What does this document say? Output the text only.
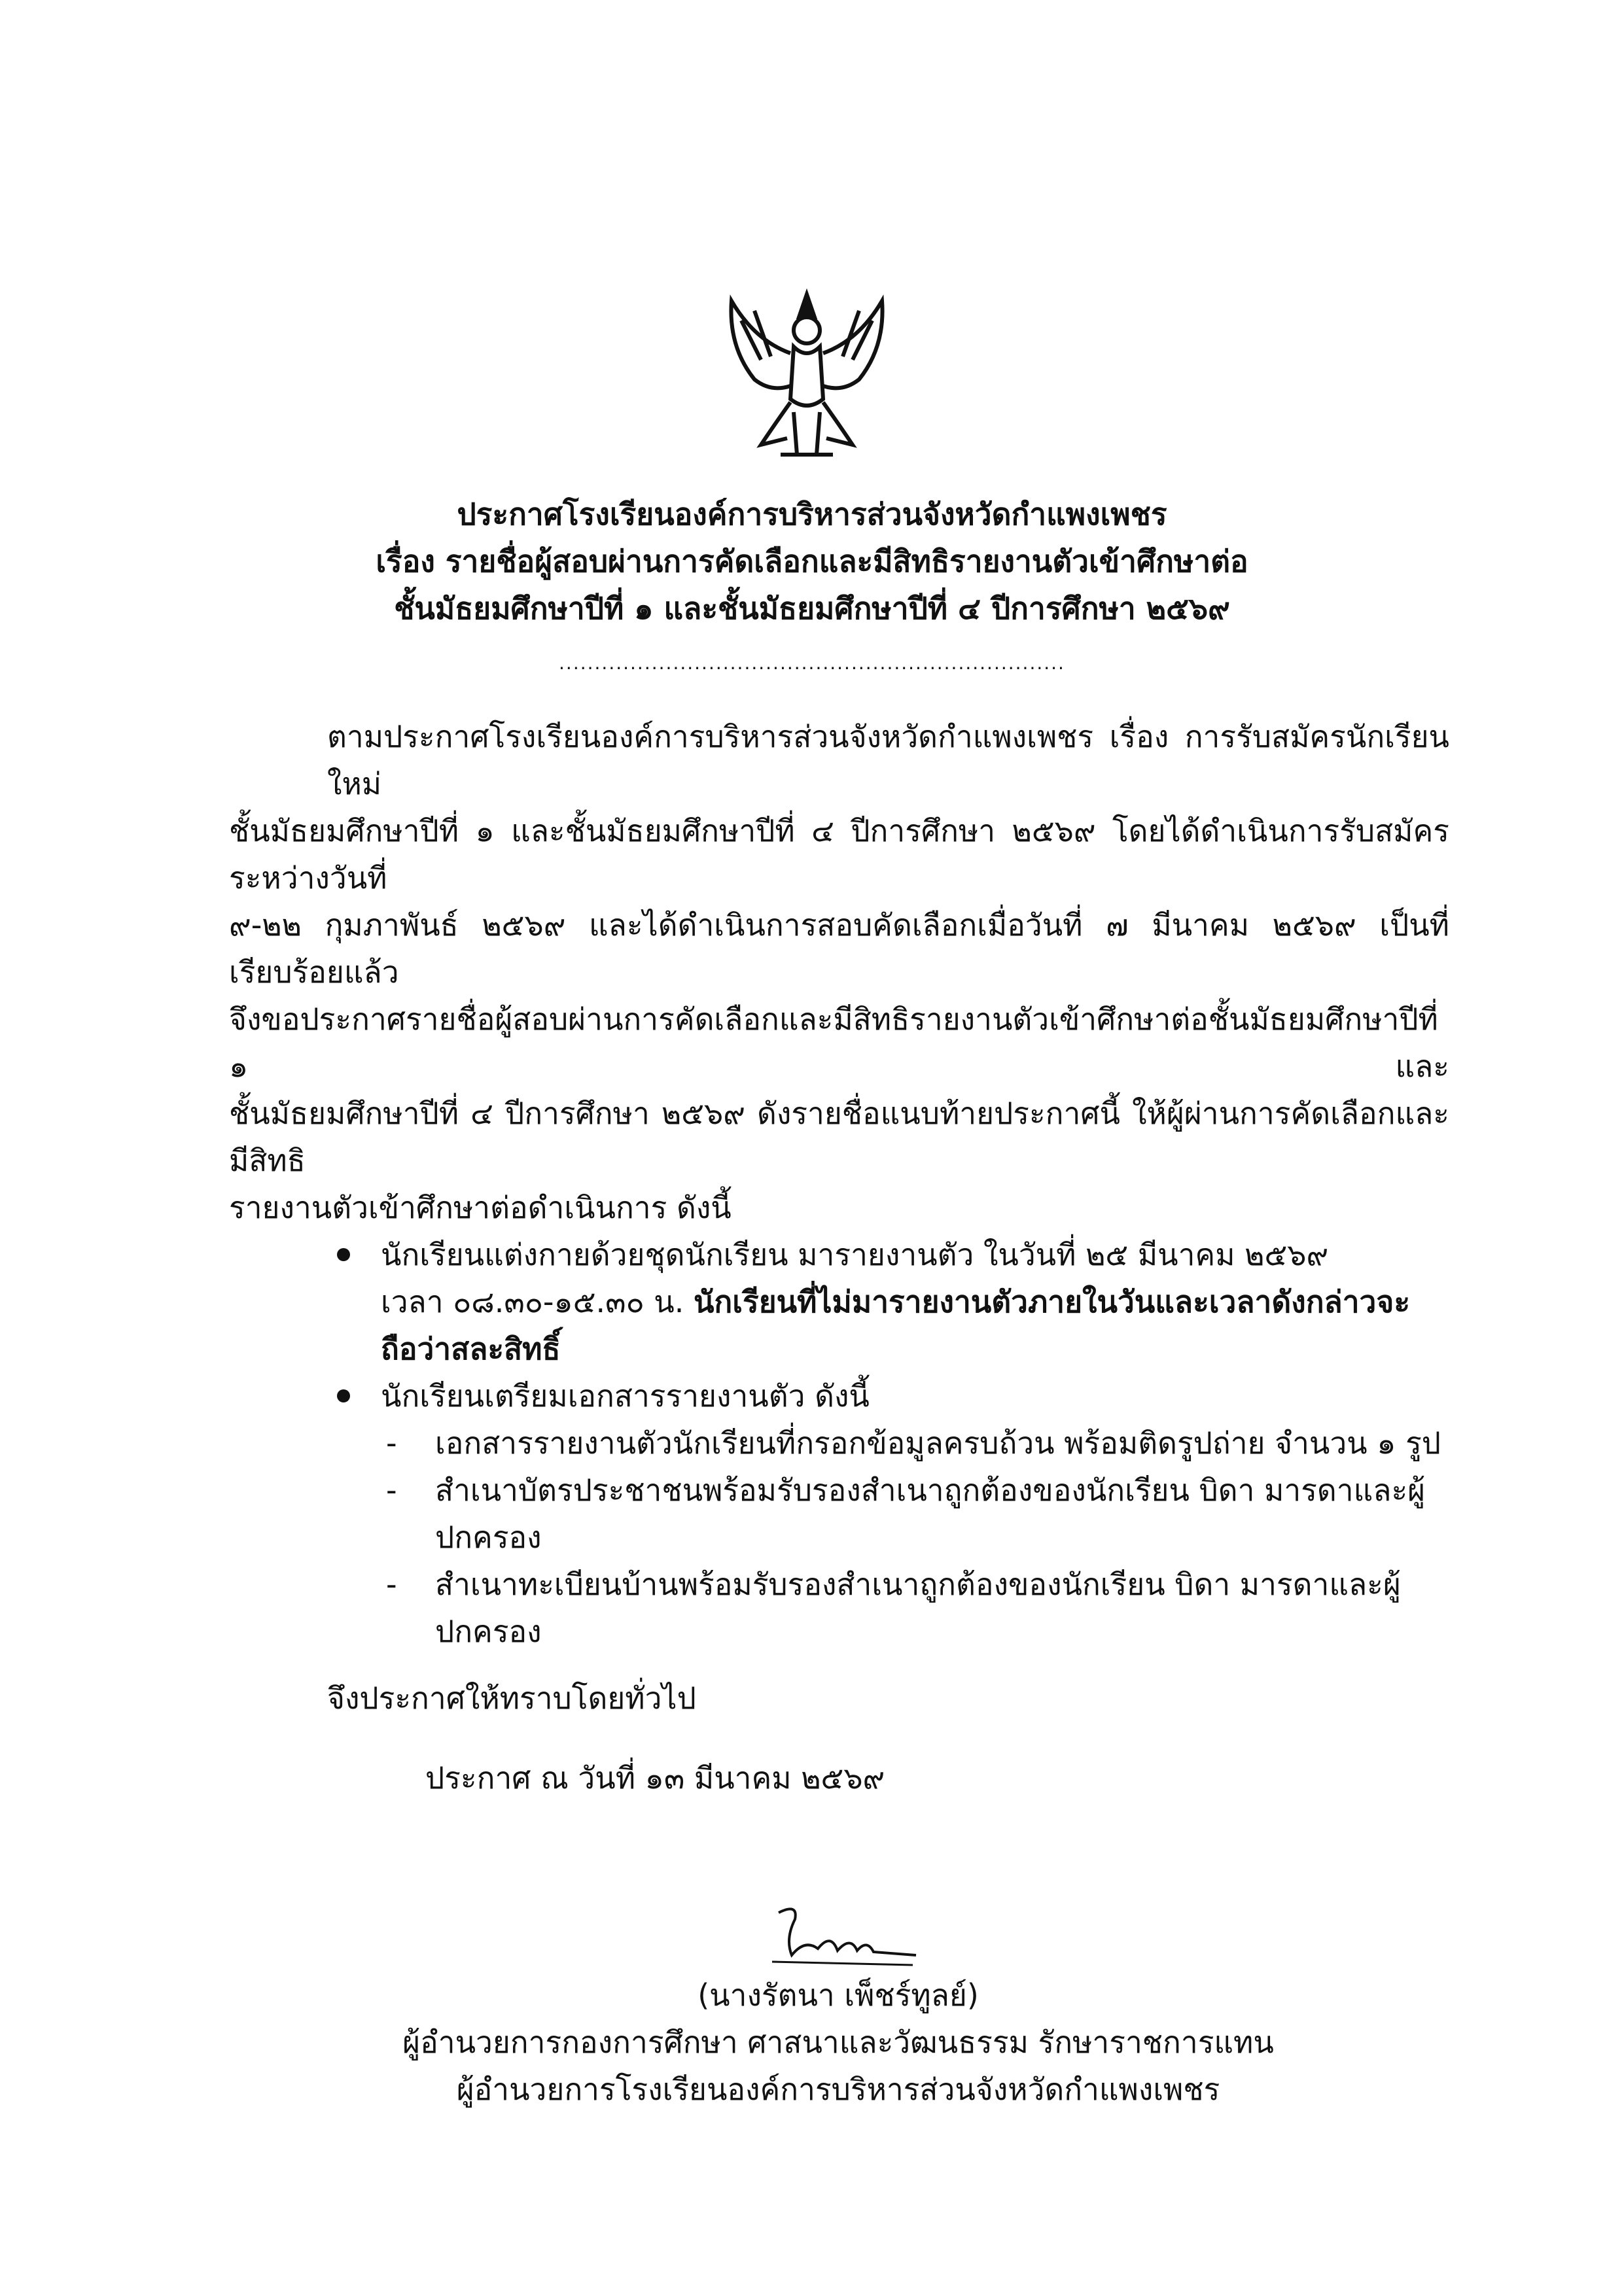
ประกาศโรงเรียนองค์การบริหารส่วนจังหวัดกำแพงเพชร
เรื่อง รายชื่อผู้สอบผ่านการคัดเลือกและมีสิทธิรายงานตัวเข้าศึกษาต่อ
ชั้นมัธยมศึกษาปีที่ ๑ และชั้นมัธยมศึกษาปีที่ ๔ ปีการศึกษา ๒๕๖๙
.......................................................................
ตามประกาศโรงเรียนองค์การบริหารส่วนจังหวัดกำแพงเพชร เรื่อง การรับสมัครนักเรียนใหม่
ชั้นมัธยมศึกษาปีที่ ๑ และชั้นมัธยมศึกษาปีที่ ๔ ปีการศึกษา ๒๕๖๙ โดยได้ดำเนินการรับสมัครระหว่างวันที่
๙-๒๒ กุมภาพันธ์ ๒๕๖๙ และได้ดำเนินการสอบคัดเลือกเมื่อวันที่ ๗ มีนาคม ๒๕๖๙ เป็นที่เรียบร้อยแล้ว
จึงขอประกาศรายชื่อผู้สอบผ่านการคัดเลือกและมีสิทธิรายงานตัวเข้าศึกษาต่อชั้นมัธยมศึกษาปีที่ ๑ และ
ชั้นมัธยมศึกษาปีที่ ๔ ปีการศึกษา ๒๕๖๙ ดังรายชื่อแนบท้ายประกาศนี้ ให้ผู้ผ่านการคัดเลือกและมีสิทธิ
รายงานตัวเข้าศึกษาต่อดำเนินการ ดังนี้
นักเรียนแต่งกายด้วยชุดนักเรียน มารายงานตัว ในวันที่ ๒๕ มีนาคม ๒๕๖๙
เวลา ๐๘.๓๐-๑๕.๓๐ น. นักเรียนที่ไม่มารายงานตัวภายในวันและเวลาดังกล่าวจะถือว่าสละสิทธิ์
นักเรียนเตรียมเอกสารรายงานตัว ดังนี้
-	เอกสารรายงานตัวนักเรียนที่กรอกข้อมูลครบถ้วน พร้อมติดรูปถ่าย จำนวน ๑ รูป
-	สำเนาบัตรประชาชนพร้อมรับรองสำเนาถูกต้องของนักเรียน บิดา มารดาและผู้ปกครอง
-	สำเนาทะเบียนบ้านพร้อมรับรองสำเนาถูกต้องของนักเรียน บิดา มารดาและผู้ปกครอง
จึงประกาศให้ทราบโดยทั่วไป
ประกาศ ณ วันที่ ๑๓ มีนาคม ๒๕๖๙
(นางรัตนา เพ็ชร์ทูลย์)
ผู้อำนวยการกองการศึกษา ศาสนาและวัฒนธรรม รักษาราชการแทน
ผู้อำนวยการโรงเรียนองค์การบริหารส่วนจังหวัดกำแพงเพชร
